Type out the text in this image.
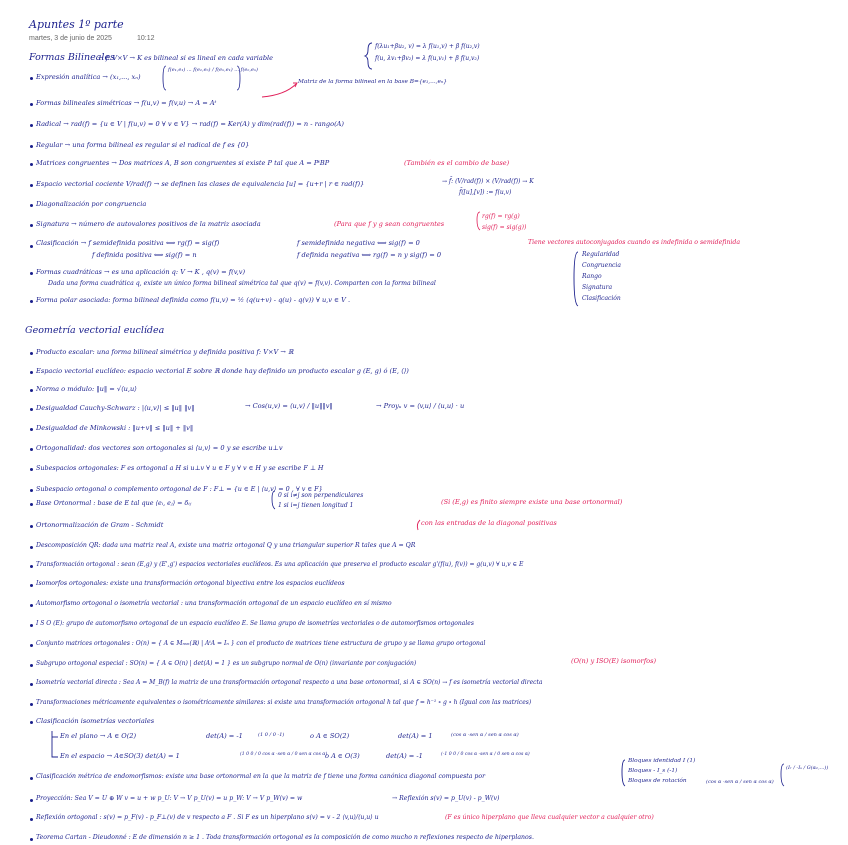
Apuntes 1º parte
martes, 3 de junio de 2025	10:12
Formas Bilineales
→ f: V×V → K es bilineal si es lineal en cada variable
f(λu₁+βu₂, v) = λ f(u₁,v) + β f(u₂,v)
f(u, λv₁+βv₂) = λ f(u,v₁) + β f(u,v₂)
Expresión analítica → (x₁,..., xₙ)
f(e₁,e₁) ... f(e₁,eₙ) / f(eₙ,e₁) ... f(eₙ,eₙ)
Matriz de la forma bilineal en la base B={e₁,...,eₙ}
Formas bilineales simétricas → f(u,v) = f(v,u) → A = Aᵗ
Radical → rad(f) = {u ∈ V | f(u,v) = 0 ∀ v ∈ V} → rad(f) = Ker(A) y dim(rad(f)) = n - rango(A)
Regular → una forma bilineal es regular si el radical de f es {0}
Matrices congruentes → Dos matrices A, B son congruentes si existe P tal que A = PᵗBP	(También es el cambio de base)
Espacio vectorial cociente V/rad(f) → se definen las clases de equivalencia [u] = {u+r | r ∈ rad(f)}	→ f̄: (V/rad(f)) × (V/rad(f)) → K
f̄([u],[v]) := f(u,v)
Diagonalización por congruencia
Signatura → número de autovalores positivos de la matriz asociada	(Para que f y g sean congruentes
rg(f) = rg(g)
sig(f) = sig(g))
Clasificación → f semidefinida positiva ⟺ rg(f) = sig(f)
f definida positiva ⟺ sig(f) = n
f semidefinida negativa ⟺ sig(f) = 0
f definida negativa ⟺ rg(f) = n y sig(f) = 0
Tiene vectores autoconjugados cuando es indefinida o semidefinida
Formas cuadráticas → es una aplicación q: V → K , q(v) = f(v,v)
Dada una forma cuadrática q, existe un único forma bilineal simétrica tal que q(v) = f(v,v). Comparten con la forma bilineal
Regularidad
Congruencia
Rango
Signatura
Clasificación
Forma polar asociada: forma bilineal definida como f(u,v) = ½ (q(u+v) - q(u) - q(v)) ∀ u,v ∈ V .
Geometría vectorial euclídea
Producto escalar: una forma bilineal simétrica y definida positiva f: V×V → ℝ
Espacio vectorial euclídeo: espacio vectorial E sobre ℝ donde hay definido un producto escalar g (E, g) ó (E, ⟨⟩)
Norma o módulo: ‖u‖ = √⟨u,u⟩
Desigualdad Cauchy-Schwarz : |⟨u,v⟩| ≤ ‖u‖ ‖v‖
Desigualdad de Minkowski : ‖u+v‖ ≤ ‖u‖ + ‖v‖
Ortogonalidad: dos vectores son ortogonales si ⟨u,v⟩ = 0 y se escribe u⊥v
Subespacios ortogonales: F es ortogonal a H si u⊥v ∀ u ∈ F y ∀ v ∈ H y se escribe F ⊥ H
Subespacio ortogonal o complemento ortogonal de F : F⊥ = {u ∈ E | ⟨u,v⟩ = 0 , ∀ v ∈ F}
Base Ortonormal : base de E tal que ⟨eᵢ, eⱼ⟩ = δᵢⱼ
Ortonormalización de Gram - Schmidt
Descomposición QR: dada una matriz real A, existe una matriz ortogonal Q y una triangular superior R tales que A = QR
Transformación ortogonal : sean (E,g) y (E',g') espacios vectoriales euclídeos. Es una aplicación que preserva el producto escalar g'(f(u), f(v)) = g(u,v) ∀ u,v ∈ E
Isomorfos ortogonales: existe una transformación ortogonal biyectiva entre los espacios euclídeos
Automorfismo ortogonal o isometría vectorial : una transformación ortogonal de un espacio euclídeo en sí mismo
I S O (E): grupo de automorfismo ortogonal de un espacio euclídeo E. Se llama grupo de isometrías vectoriales o de automorfismos ortogonales
Conjunto matrices ortogonales : O(n) = { A ∈ Mₙₓₙ(ℝ) | AᵗA = Iₙ } con el producto de matrices tiene estructura de grupo y se llama grupo ortogonal
Subgrupo ortogonal especial : SO(n) = { A ∈ O(n) | det(A) = 1 } es un subgrupo normal de O(n) (invariante por conjugación)
Isometría vectorial directa : Sea A = M_B(f) la matriz de una transformación ortogonal respecto a una base ortonormal, si A ∈ SO(n) → f es isometría vectorial directa
Transformaciones métricamente equivalentes o isométricamente similares: si existe una transformación ortogonal h tal que f = h⁻¹ ∘ g ∘ h (Igual con las matrices)
Clasificación isometrías vectoriales
→ Cos(u,v) = ⟨u,v⟩ / ‖u‖‖v‖	→ Proyᵤ v = ⟨v,u⟩ / ⟨u,u⟩ · u
0 si i≠j son perpendiculares
1 si i=j tienen longitud 1	(Si (E,g) es finito siempre existe una base ortonormal)
con las entradas de la diagonal positivas
(O(n) y ISO(E) isomorfos)
En el plano → A ∈ O(2)	det(A) = -1	(1 0 / 0 -1)	o A ∈ SO(2)	det(A) = 1	(cos α -sen α / sen α cos α)
En el espacio → A∈SO(3) det(A) = 1	(1 0 0 / 0 cos α -sen α / 0 sen α cos α)
o A ∈ O(3)	det(A) = -1	(-1 0 0 / 0 cos α -sen α / 0 sen α cos α)
Clasificación métrica de endomorfismos: existe una base ortonormal en la que la matriz de f tiene una forma canónica diagonal compuesta por
Bloques identidad I (1)
Bloques - I_s (-1)
Bloques de rotación	(cos α -sen α / sen α cos α)
(Iᵣ / -Iₛ / G(α₁,...))
Proyección: Sea V = U ⊕ W v = u + w p_U: V → V p_U(v) = u p_W: V → V p_W(v) = w	→ Reflexión s(v) = p_U(v) - p_W(v)
Reflexión ortogonal : s(v) = p_F(v) - p_F⊥(v) de v respecto a F . Si F es un hiperplano s(v) = v - 2 ⟨v,u⟩/⟨u,u⟩ u	(F es único hiperplano que lleva cualquier vector a cualquier otro)
Teorema Cartan - Dieudonné : E de dimensión n ≥ 1 . Toda transformación ortogonal es la composición de como mucho n reflexiones respecto de hiperplanos.
